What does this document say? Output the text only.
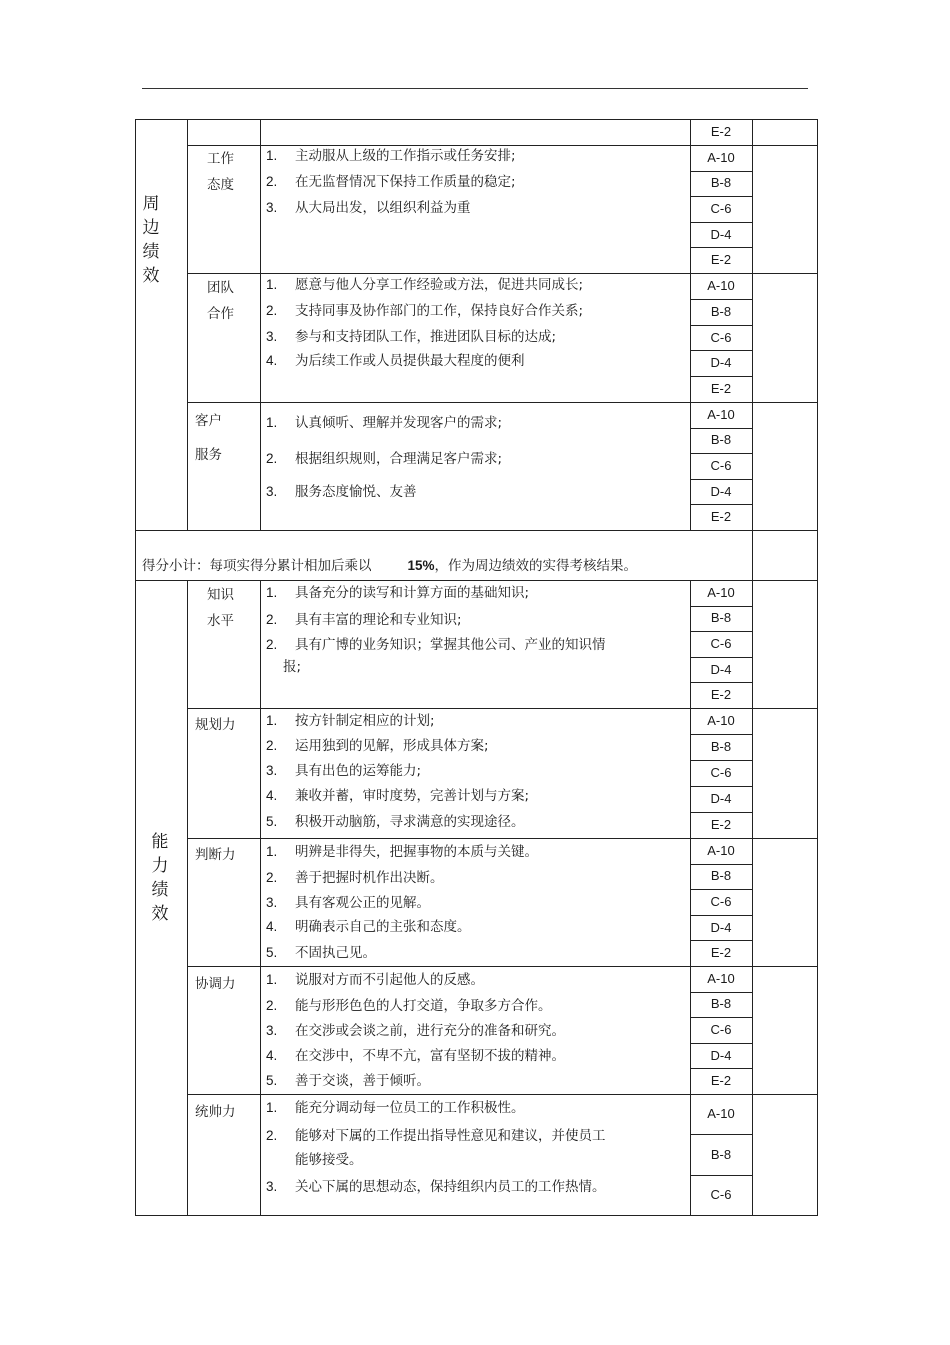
E-2
周
边
绩
效
能
力
绩
效
工作
态度
1. 主动服从上级的工作指示或任务安排;
2. 在无监督情况下保持工作质量的稳定;
3. 从大局出发，以组织利益为重
A-10
B-8
C-6
D-4
E-2
团队
合作
1. 愿意与他人分享工作经验或方法，促进共同成长;
2. 支持同事及协作部门的工作，保持良好合作关系;
3. 参与和支持团队工作，推进团队目标的达成;
4. 为后续工作或人员提供最大程度的便利
A-10
B-8
C-6
D-4
E-2
客户

服务
1. 认真倾听、理解并发现客户的需求;
2. 根据组织规则，合理满足客户需求;
3. 服务态度愉悦、友善
A-10
B-8
C-6
D-4
E-2
知识
水平
1. 具备充分的读写和计算方面的基础知识;
2. 具有丰富的理论和专业知识;
2. 具有广博的业务知识；掌握其他公司、产业的知识情
报;
A-10
B-8
C-6
D-4
E-2
规划力 1. 按方针制定相应的计划;
2. 运用独到的见解，形成具体方案;
3. 具有出色的运筹能力;
4. 兼收并蓄，审时度势，完善计划与方案;
5. 积极开动脑筋，寻求满意的实现途径。
A-10
B-8
C-6
D-4
E-2
判断力 1. 明辨是非得失，把握事物的本质与关键。
2. 善于把握时机作出决断。
3. 具有客观公正的见解。
4. 明确表示自己的主张和态度。
5. 不固执己见。
A-10
B-8
C-6
D-4
E-2
协调力 1. 说服对方而不引起他人的反感。
2. 能与形形色色的人打交道，争取多方合作。
3. 在交涉或会谈之前，进行充分的准备和研究。
4. 在交涉中，不卑不亢，富有坚韧不拔的精神。
5. 善于交谈，善于倾听。
A-10
B-8
C-6
D-4
E-2
统帅力 1. 能充分调动每一位员工的工作积极性。
2. 能够对下属的工作提出指导性意见和建议，并使员工
3. 关心下属的思想动态，保持组织内员工的工作热情。
能够接受。
A-10
B-8
C-6
得分小计：每项实得分累计相加后乘以	15%，作为周边绩效的实得考核结果。
